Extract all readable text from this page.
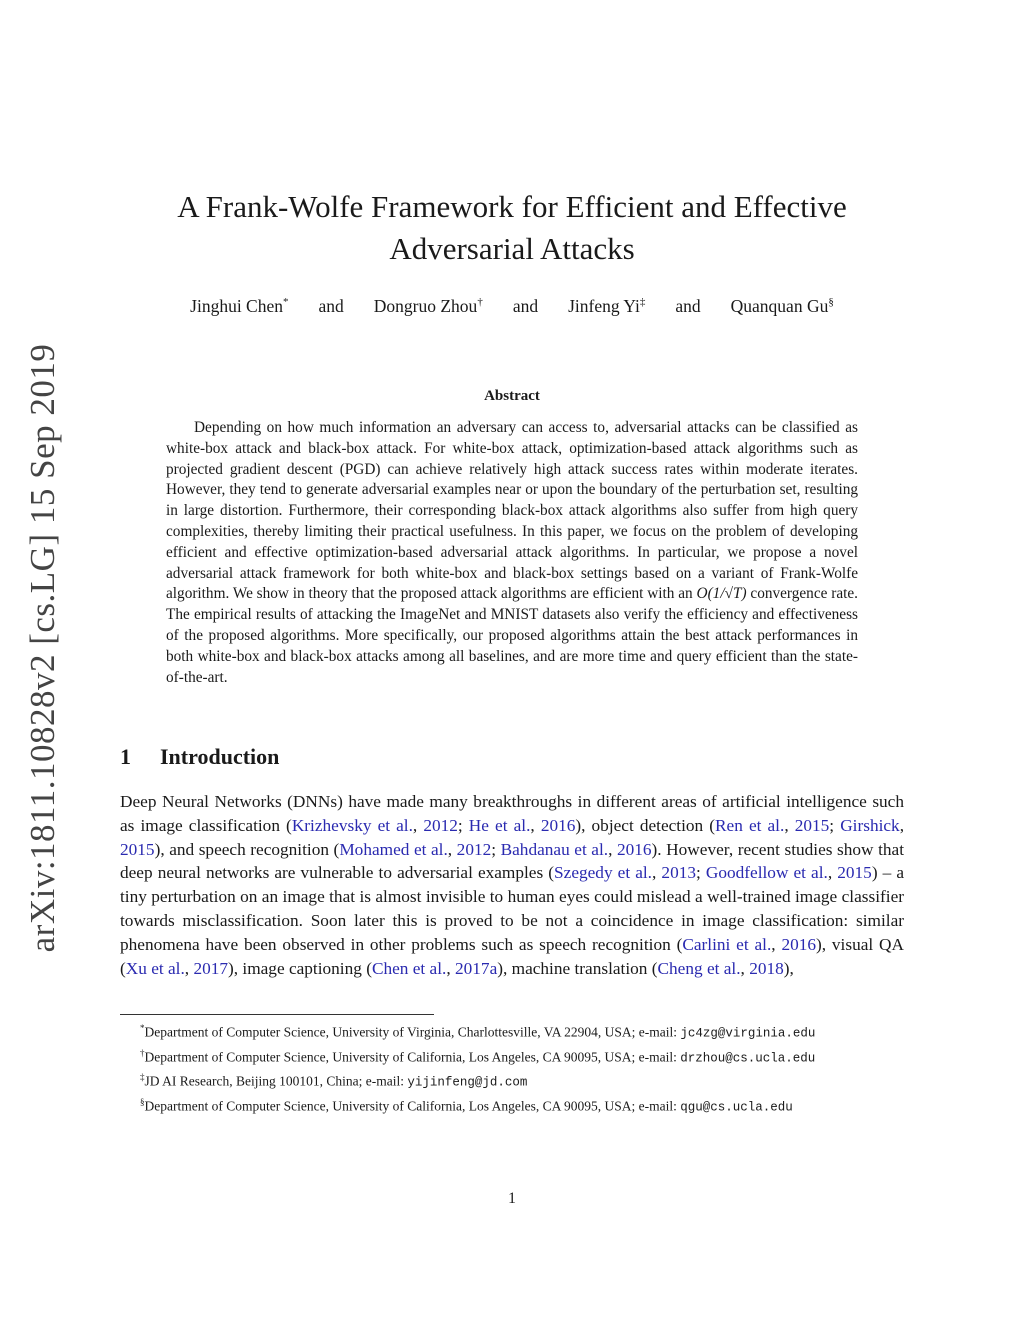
arXiv:1811.10828v2 [cs.LG] 15 Sep 2019
A Frank-Wolfe Framework for Efficient and Effective
Adversarial Attacks
Jinghui Chen* and Dongruo Zhou† and Jinfeng Yi‡ and Quanquan Gu§
Abstract

Depending on how much information an adversary can access to, adversarial attacks can be classified as white-box attack and black-box attack. For white-box attack, optimization-based attack algorithms such as projected gradient descent (PGD) can achieve relatively high attack success rates within moderate iterates. However, they tend to generate adversarial examples near or upon the boundary of the perturbation set, resulting in large distortion. Furthermore, their corresponding black-box attack algorithms also suffer from high query complexities, thereby limiting their practical usefulness. In this paper, we focus on the problem of developing efficient and effective optimization-based adversarial attack algorithms. In particular, we propose a novel adversarial attack framework for both white-box and black-box settings based on a variant of Frank-Wolfe algorithm. We show in theory that the proposed attack algorithms are efficient with an O(1/√T) convergence rate. The empirical results of attacking the ImageNet and MNIST datasets also verify the efficiency and effectiveness of the proposed algorithms. More specifically, our proposed algorithms attain the best attack performances in both white-box and black-box attacks among all baselines, and are more time and query efficient than the state-of-the-art.

1 Introduction

Deep Neural Networks (DNNs) have made many breakthroughs in different areas of artificial intelligence such as image classification (Krizhevsky et al., 2012; He et al., 2016), object detection (Ren et al., 2015; Girshick, 2015), and speech recognition (Mohamed et al., 2012; Bahdanau et al., 2016). However, recent studies show that deep neural networks are vulnerable to adversarial examples (Szegedy et al., 2013; Goodfellow et al., 2015) – a tiny perturbation on an image that is almost invisible to human eyes could mislead a well-trained image classifier towards misclassification. Soon later this is proved to be not a coincidence in image classification: similar phenomena have been observed in other problems such as speech recognition (Carlini et al., 2016), visual QA (Xu et al., 2017), image captioning (Chen et al., 2017a), machine translation (Cheng et al., 2018),

*Department of Computer Science, University of Virginia, Charlottesville, VA 22904, USA; e-mail: jc4zg@virginia.edu

†Department of Computer Science, University of California, Los Angeles, CA 90095, USA; e-mail: drzhou@cs.ucla.edu

‡JD AI Research, Beijing 100101, China; e-mail: yijinfeng@jd.com

§Department of Computer Science, University of California, Los Angeles, CA 90095, USA; e-mail: qgu@cs.ucla.edu

1
